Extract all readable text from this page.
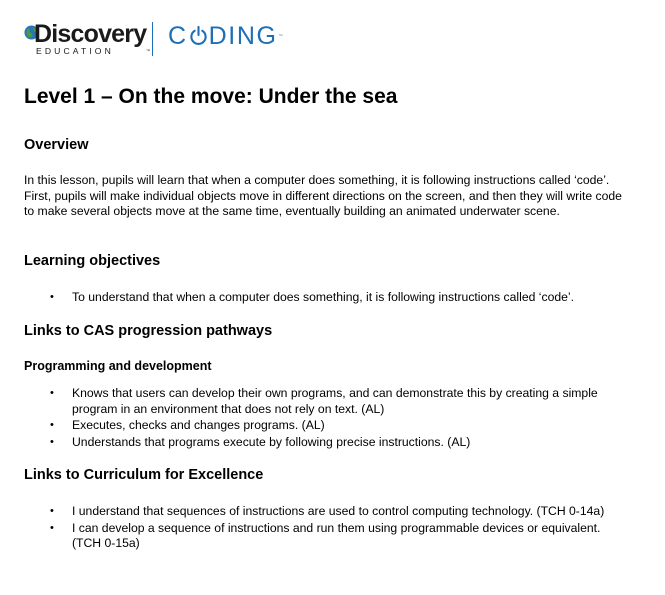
Discovery
EDUCATION	™
C DING ™
Level 1 – On the move: Under the sea
Overview

In this lesson, pupils will learn that when a computer does something, it is following instructions called ‘code’. First, pupils will make individual objects move in different directions on the screen, and then they will write code to make several objects move at the same time, eventually building an animated underwater scene.

Learning objectives
• To understand that when a computer does something, it is following instructions called ‘code’.
Links to CAS progression pathways
Programming and development
• Knows that users can develop their own programs, and can demonstrate this by creating a simple program in an environment that does not rely on text. (AL)
• Executes, checks and changes programs. (AL)
• Understands that programs execute by following precise instructions. (AL)
Links to Curriculum for Excellence
• I understand that sequences of instructions are used to control computing technology. (TCH 0-14a)
• I can develop a sequence of instructions and run them using programmable devices or equivalent. (TCH 0-15a)
